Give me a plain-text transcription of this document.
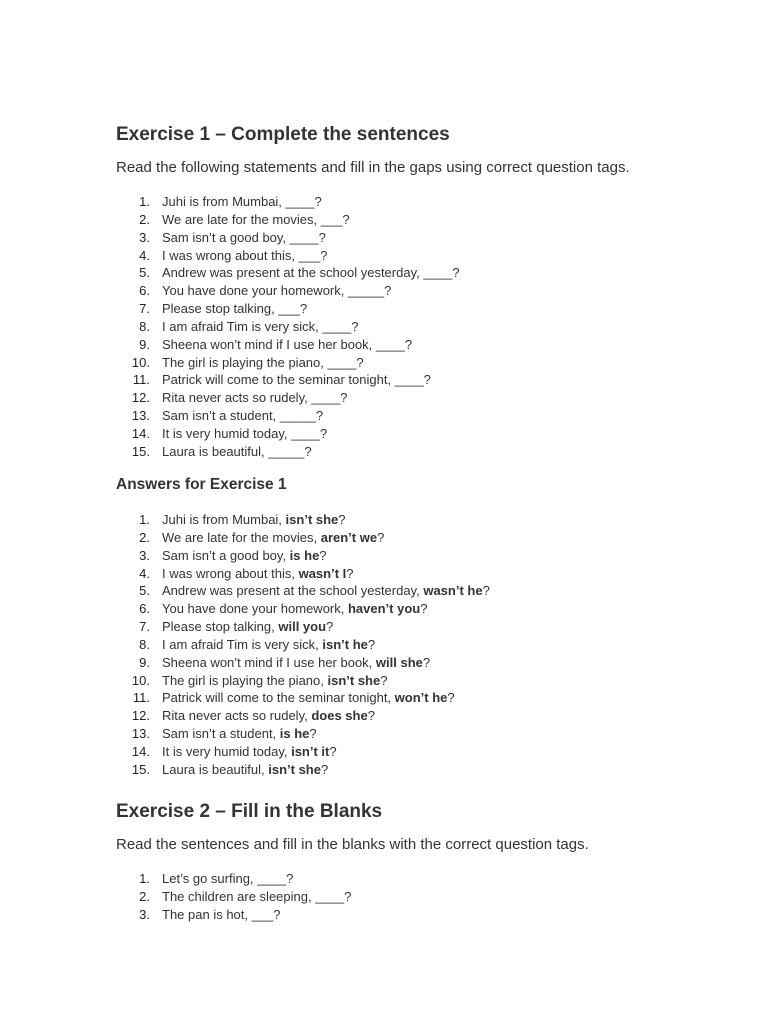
Exercise 1 – Complete the sentences

Read the following statements and fill in the gaps using correct question tags.

1. Juhi is from Mumbai, ____?
2. We are late for the movies, ___?
3. Sam isn’t a good boy, ____?
4. I was wrong about this, ___?
5. Andrew was present at the school yesterday, ____?
6. You have done your homework, _____?
7. Please stop talking, ___?
8. I am afraid Tim is very sick, ____?
9. Sheena won’t mind if I use her book, ____?
10. The girl is playing the piano, ____?
11. Patrick will come to the seminar tonight, ____?
12. Rita never acts so rudely, ____?
13. Sam isn’t a student, _____?
14. It is very humid today, ____?
15. Laura is beautiful, _____?
Answers for Exercise 1
1. Juhi is from Mumbai, isn’t she?
2. We are late for the movies, aren’t we?
3. Sam isn’t a good boy, is he?
4. I was wrong about this, wasn’t I?
5. Andrew was present at the school yesterday, wasn’t he?
6. You have done your homework, haven’t you?
7. Please stop talking, will you?
8. I am afraid Tim is very sick, isn’t he?
9. Sheena won’t mind if I use her book, will she?
10. The girl is playing the piano, isn’t she?
11. Patrick will come to the seminar tonight, won’t he?
12. Rita never acts so rudely, does she?
13. Sam isn’t a student, is he?
14. It is very humid today, isn’t it?
15. Laura is beautiful, isn’t she?
Exercise 2 – Fill in the Blanks

Read the sentences and fill in the blanks with the correct question tags.

1. Let’s go surfing, ____?
2. The children are sleeping, ____?
3. The pan is hot, ___?
